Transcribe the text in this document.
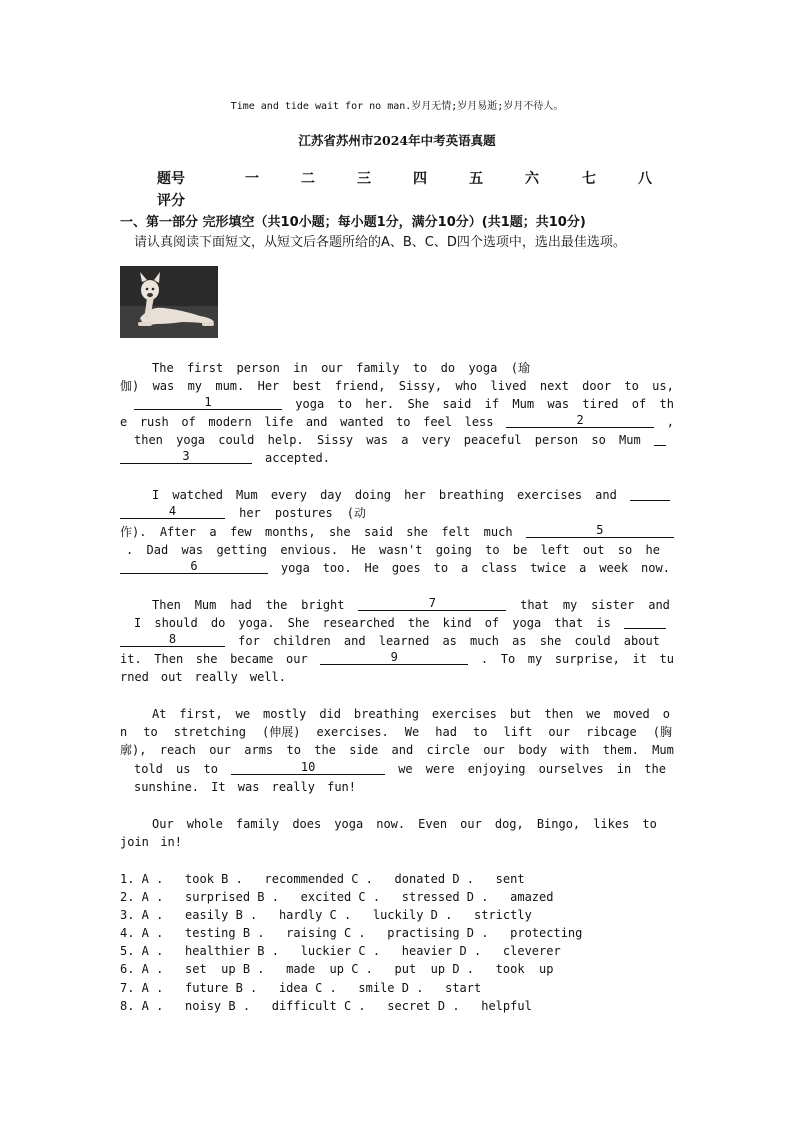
Time and tide wait for no man.岁月无情;岁月易逝;岁月不待人。
江苏省苏州市2024年中考英语真题
题号	一	二	三	四	五	六	七	八
评分
一、第一部分 完形填空（共10小题；每小题1分，满分10分）(共1题；共10分)
请认真阅读下面短文，从短文后各题所给的A、B、C、D四个选项中，选出最佳选项。
The first person in our family to do yoga (瑜
伽) was my mum. Her best friend, Sissy, who lived next door to us,
1	yoga to her. She said if Mum was tired of th
e rush of modern life and wanted to feel less	2	,
then yoga could help. Sissy was a very peaceful person so Mum
3	accepted.
I watched Mum every day doing her breathing exercises and
4	her postures (动
作). After a few months, she said she felt much	5
. Dad was getting envious. He wasn't going to be left out so he
6	yoga too. He goes to a class twice a week now.
Then Mum had the bright	7	that my sister and
I should do yoga. She researched the kind of yoga that is
8	for children and learned as much as she could about
it. Then she became our	9	. To my surprise, it tu
rned out really well.
At first, we mostly did breathing exercises but then we moved o
n to stretching (伸展) exercises. We had to lift our ribcage (胸
廓), reach our arms to the side and circle our body with them. Mum
told us to	10	we were enjoying ourselves in the
sunshine. It was really fun!
Our whole family does yoga now. Even our dog, Bingo, likes to
join in!
1. A .   took B .   recommended C .   donated D .   sent
2. A .   surprised B .   excited C .   stressed D .   amazed
3. A .   easily B .   hardly C .   luckily D .   strictly
4. A .   testing B .   raising C .   practising D .   protecting
5. A .   healthier B .   luckier C .   heavier D .   cleverer
6. A .   set  up B .   made  up C .   put  up D .   took  up
7. A .   future B .   idea C .   smile D .   start
8. A .   noisy B .   difficult C .   secret D .   helpful
